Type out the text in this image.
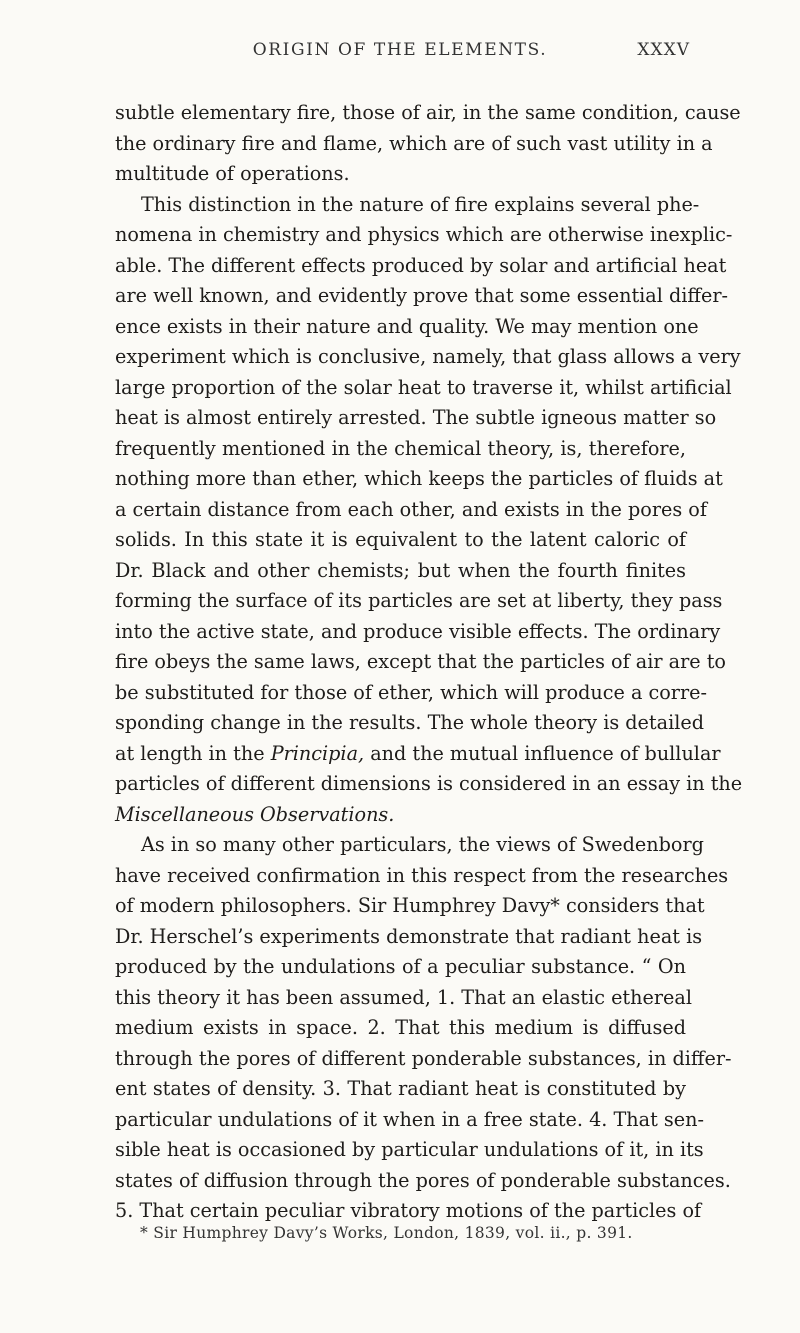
ORIGIN OF THE ELEMENTS.	XXXV
subtle elementary fire, those of air, in the same condition, cause
the ordinary fire and flame, which are of such vast utility in a
multitude of operations.
This distinction in the nature of fire explains several phe-
nomena in chemistry and physics which are otherwise inexplic-
able. The different effects produced by solar and artificial heat
are well known, and evidently prove that some essential differ-
ence exists in their nature and quality. We may mention one
experiment which is conclusive, namely, that glass allows a very
large proportion of the solar heat to traverse it, whilst artificial
heat is almost entirely arrested. The subtle igneous matter so
frequently mentioned in the chemical theory, is, therefore,
nothing more than ether, which keeps the particles of fluids at
a certain distance from each other, and exists in the pores of
solids. In this state it is equivalent to the latent caloric of
Dr. Black and other chemists; but when the fourth finites
forming the surface of its particles are set at liberty, they pass
into the active state, and produce visible effects. The ordinary
fire obeys the same laws, except that the particles of air are to
be substituted for those of ether, which will produce a corre-
sponding change in the results. The whole theory is detailed
at length in the Principia, and the mutual influence of bullular
particles of different dimensions is considered in an essay in the
Miscellaneous Observations.
As in so many other particulars, the views of Swedenborg
have received confirmation in this respect from the researches
of modern philosophers. Sir Humphrey Davy* considers that
Dr. Herschel’s experiments demonstrate that radiant heat is
produced by the undulations of a peculiar substance. “ On
this theory it has been assumed, 1. That an elastic ethereal
medium exists in space. 2. That this medium is diffused
through the pores of different ponderable substances, in differ-
ent states of density. 3. That radiant heat is constituted by
particular undulations of it when in a free state. 4. That sen-
sible heat is occasioned by particular undulations of it, in its
states of diffusion through the pores of ponderable substances.
5. That certain peculiar vibratory motions of the particles of
* Sir Humphrey Davy’s Works, London, 1839, vol. ii., p. 391.
